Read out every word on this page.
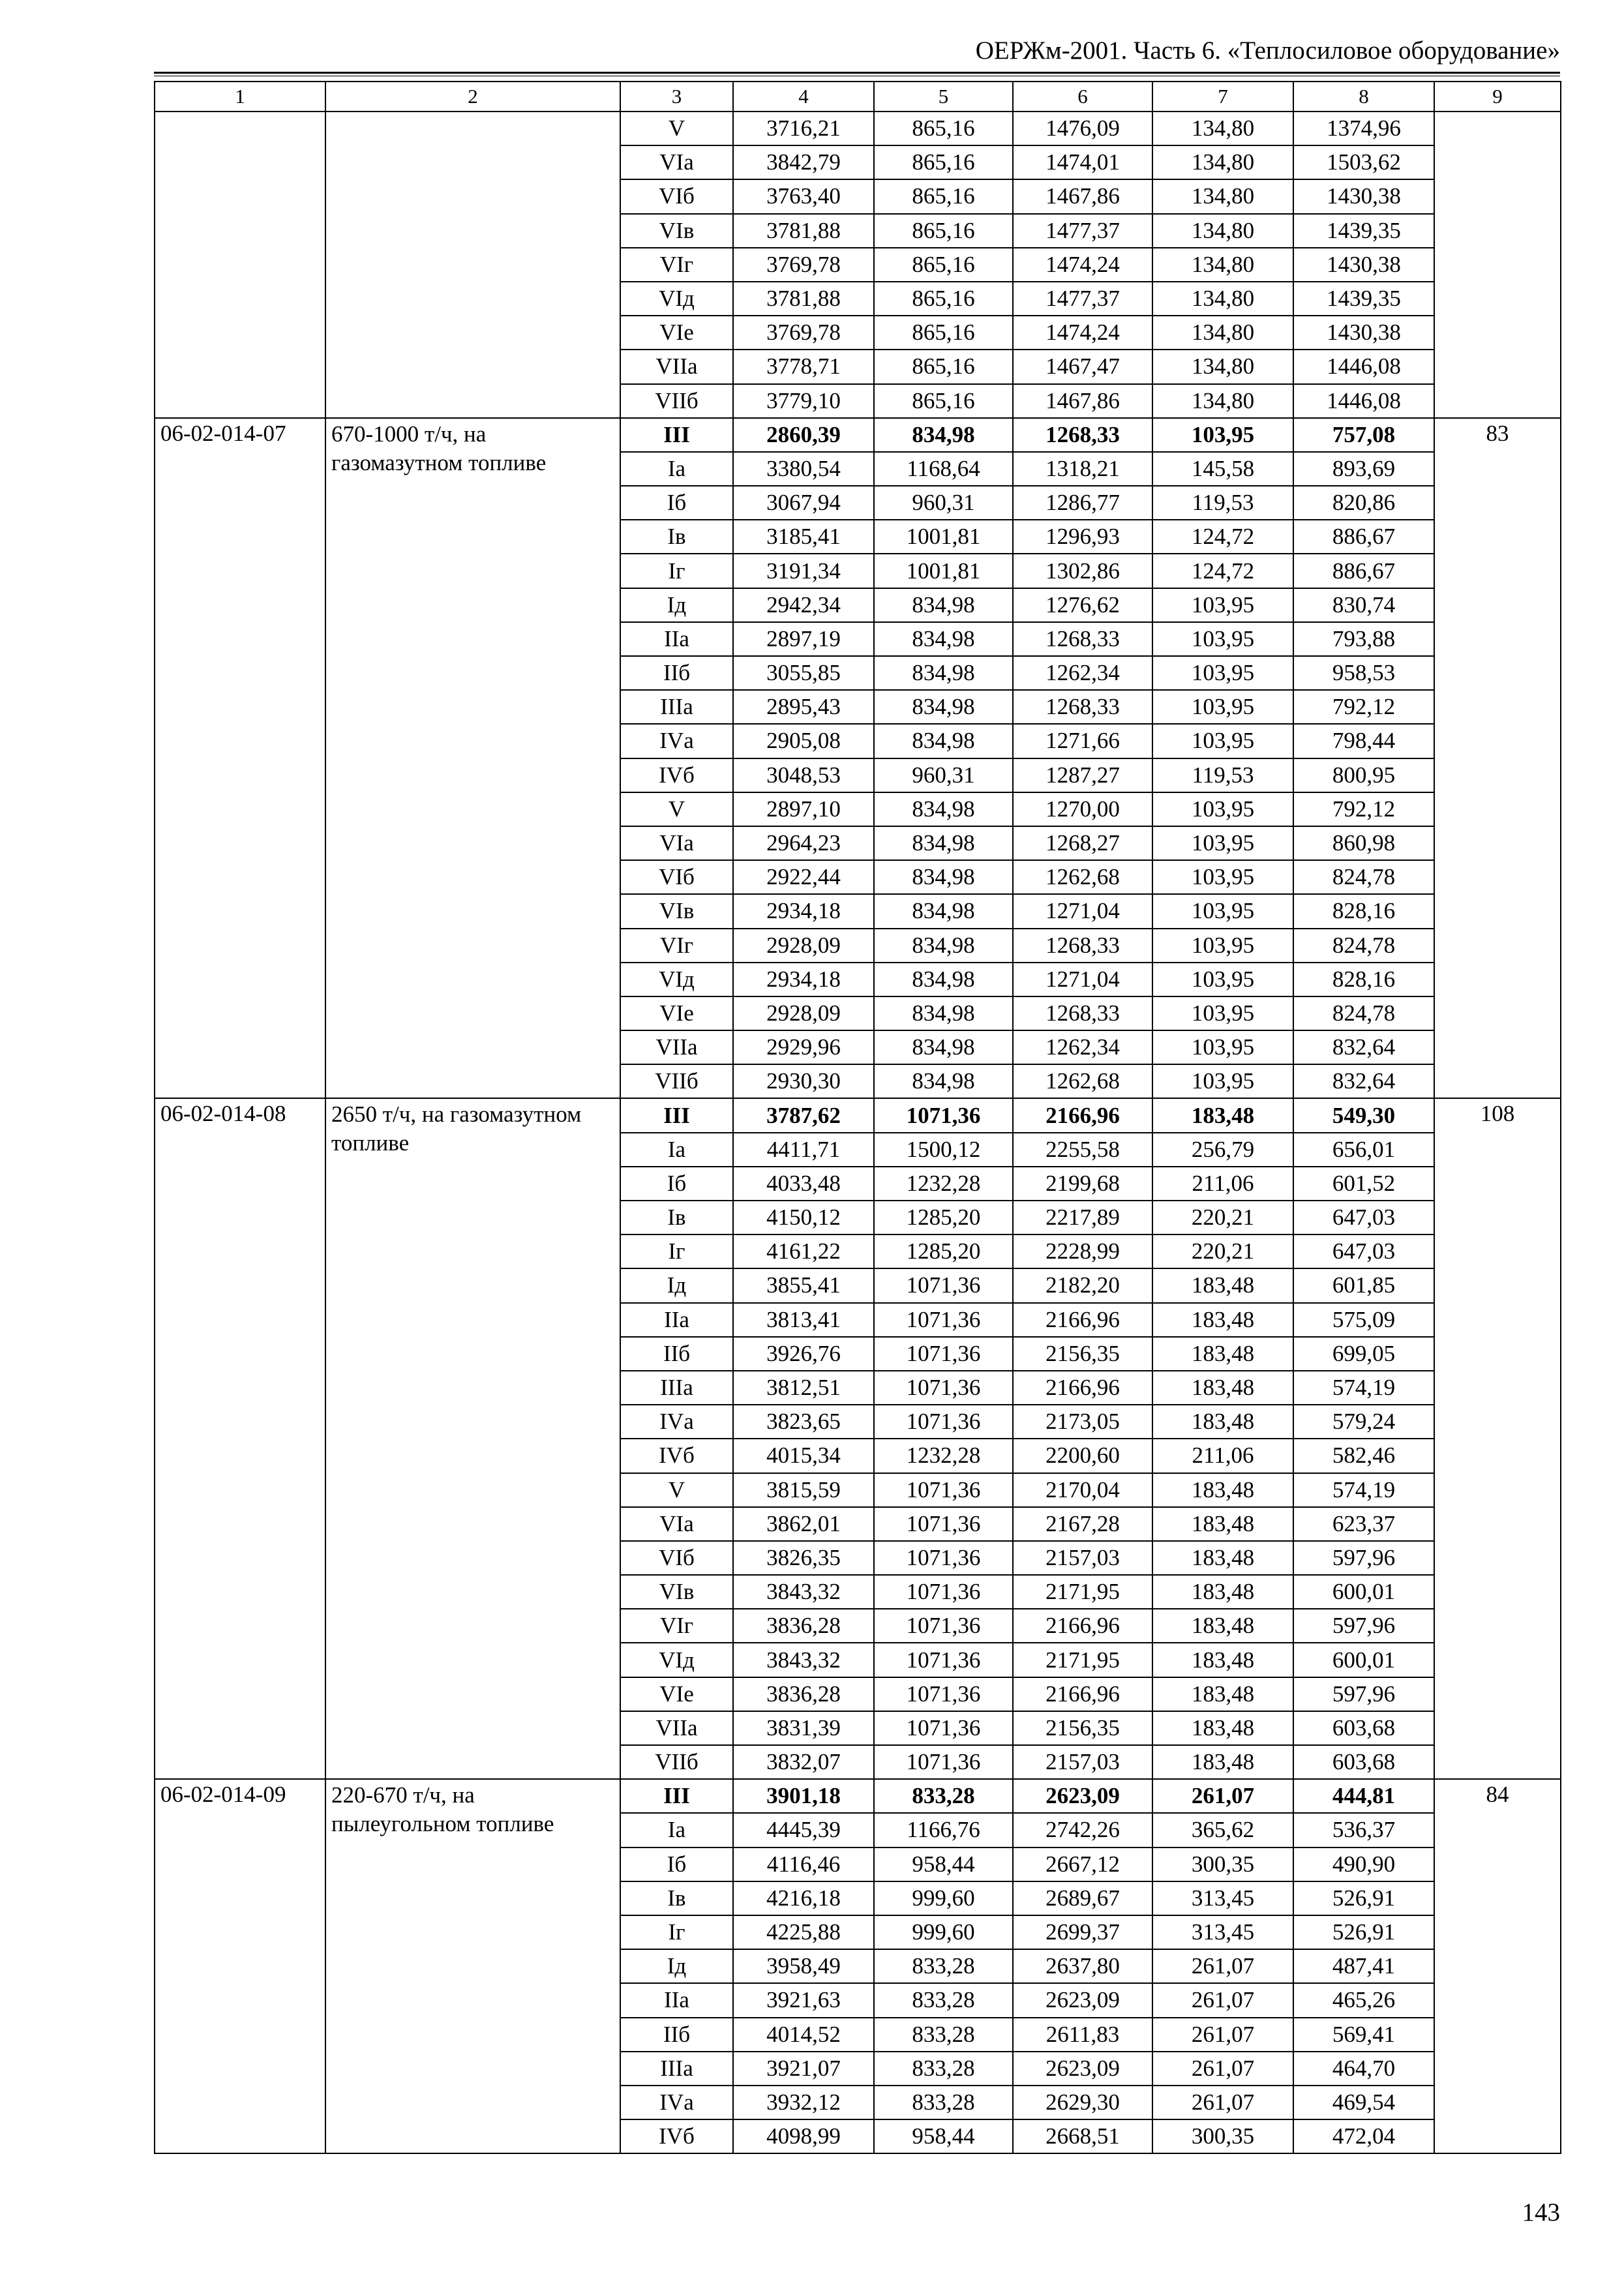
ОЕРЖм-2001. Часть 6. «Теплосиловое оборудование»
1	2	3	4	5	6	7	8	9
		V	3716,21	865,16	1476,09	134,80	1374,96	
		VIа	3842,79	865,16	1474,01	134,80	1503,62	
		VIб	3763,40	865,16	1467,86	134,80	1430,38	
		VIв	3781,88	865,16	1477,37	134,80	1439,35	
		VIг	3769,78	865,16	1474,24	134,80	1430,38	
		VIд	3781,88	865,16	1477,37	134,80	1439,35	
		VIе	3769,78	865,16	1474,24	134,80	1430,38	
		VIIа	3778,71	865,16	1467,47	134,80	1446,08	
		VIIб	3779,10	865,16	1467,86	134,80	1446,08	
06-02-014-07	670-1000 т/ч, на газомазутном топливе	III	2860,39	834,98	1268,33	103,95	757,08	83
		Iа	3380,54	1168,64	1318,21	145,58	893,69	
		Iб	3067,94	960,31	1286,77	119,53	820,86	
		Iв	3185,41	1001,81	1296,93	124,72	886,67	
		Iг	3191,34	1001,81	1302,86	124,72	886,67	
		Iд	2942,34	834,98	1276,62	103,95	830,74	
		IIа	2897,19	834,98	1268,33	103,95	793,88	
		IIб	3055,85	834,98	1262,34	103,95	958,53	
		IIIа	2895,43	834,98	1268,33	103,95	792,12	
		IVа	2905,08	834,98	1271,66	103,95	798,44	
		IVб	3048,53	960,31	1287,27	119,53	800,95	
		V	2897,10	834,98	1270,00	103,95	792,12	
		VIа	2964,23	834,98	1268,27	103,95	860,98	
		VIб	2922,44	834,98	1262,68	103,95	824,78	
		VIв	2934,18	834,98	1271,04	103,95	828,16	
		VIг	2928,09	834,98	1268,33	103,95	824,78	
		VIд	2934,18	834,98	1271,04	103,95	828,16	
		VIе	2928,09	834,98	1268,33	103,95	824,78	
		VIIа	2929,96	834,98	1262,34	103,95	832,64	
		VIIб	2930,30	834,98	1262,68	103,95	832,64	
06-02-014-08	2650 т/ч, на газомазутном топливе	III	3787,62	1071,36	2166,96	183,48	549,30	108
		Iа	4411,71	1500,12	2255,58	256,79	656,01	
		Iб	4033,48	1232,28	2199,68	211,06	601,52	
		Iв	4150,12	1285,20	2217,89	220,21	647,03	
		Iг	4161,22	1285,20	2228,99	220,21	647,03	
		Iд	3855,41	1071,36	2182,20	183,48	601,85	
		IIа	3813,41	1071,36	2166,96	183,48	575,09	
		IIб	3926,76	1071,36	2156,35	183,48	699,05	
		IIIа	3812,51	1071,36	2166,96	183,48	574,19	
		IVа	3823,65	1071,36	2173,05	183,48	579,24	
		IVб	4015,34	1232,28	2200,60	211,06	582,46	
		V	3815,59	1071,36	2170,04	183,48	574,19	
		VIа	3862,01	1071,36	2167,28	183,48	623,37	
		VIб	3826,35	1071,36	2157,03	183,48	597,96	
		VIв	3843,32	1071,36	2171,95	183,48	600,01	
		VIг	3836,28	1071,36	2166,96	183,48	597,96	
		VIд	3843,32	1071,36	2171,95	183,48	600,01	
		VIе	3836,28	1071,36	2166,96	183,48	597,96	
		VIIа	3831,39	1071,36	2156,35	183,48	603,68	
		VIIб	3832,07	1071,36	2157,03	183,48	603,68	
06-02-014-09	220-670 т/ч, на пылеугольном топливе	III	3901,18	833,28	2623,09	261,07	444,81	84
		Iа	4445,39	1166,76	2742,26	365,62	536,37	
		Iб	4116,46	958,44	2667,12	300,35	490,90	
		Iв	4216,18	999,60	2689,67	313,45	526,91	
		Iг	4225,88	999,60	2699,37	313,45	526,91	
		Iд	3958,49	833,28	2637,80	261,07	487,41	
		IIа	3921,63	833,28	2623,09	261,07	465,26	
		IIб	4014,52	833,28	2611,83	261,07	569,41	
		IIIа	3921,07	833,28	2623,09	261,07	464,70	
		IVа	3932,12	833,28	2629,30	261,07	469,54	
		IVб	4098,99	958,44	2668,51	300,35	472,04	
143
